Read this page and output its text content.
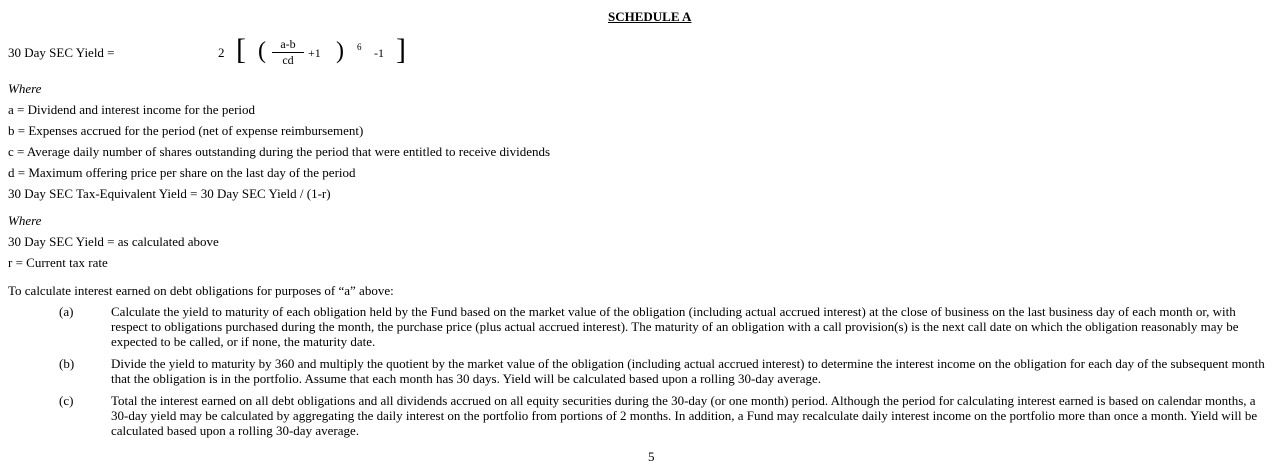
SCHEDULE A
30 Day SEC Yield =	2 [ ( $\frac{a-b}{cd} +1$ ) 6 -1 ]
Where
a = Dividend and interest income for the period
b = Expenses accrued for the period (net of expense reimbursement)
c = Average daily number of shares outstanding during the period that were entitled to receive dividends
d = Maximum offering price per share on the last day of the period
30 Day SEC Tax-Equivalent Yield = 30 Day SEC Yield / (1-r)
Where
30 Day SEC Yield = as calculated above
r = Current tax rate
To calculate interest earned on debt obligations for purposes of “a” above:
(a)	Calculate the yield to maturity of each obligation held by the Fund based on the market value of the obligation (including actual accrued interest) at the close of business on the last business day of each month or, with respect to obligations purchased during the month, the purchase price (plus actual accrued interest). The maturity of an obligation with a call provision(s) is the next call date on which the obligation reasonably may be expected to be called, or if none, the maturity date.
(b)	Divide the yield to maturity by 360 and multiply the quotient by the market value of the obligation (including actual accrued interest) to determine the interest income on the obligation for each day of the subsequent month that the obligation is in the portfolio. Assume that each month has 30 days. Yield will be calculated based upon a rolling 30-day average.
(c)	Total the interest earned on all debt obligations and all dividends accrued on all equity securities during the 30-day (or one month) period. Although the period for calculating interest earned is based on calendar months, a 30-day yield may be calculated by aggregating the daily interest on the portfolio from portions of 2 months. In addition, a Fund may recalculate daily interest income on the portfolio more than once a month. Yield will be calculated based upon a rolling 30-day average.
5
